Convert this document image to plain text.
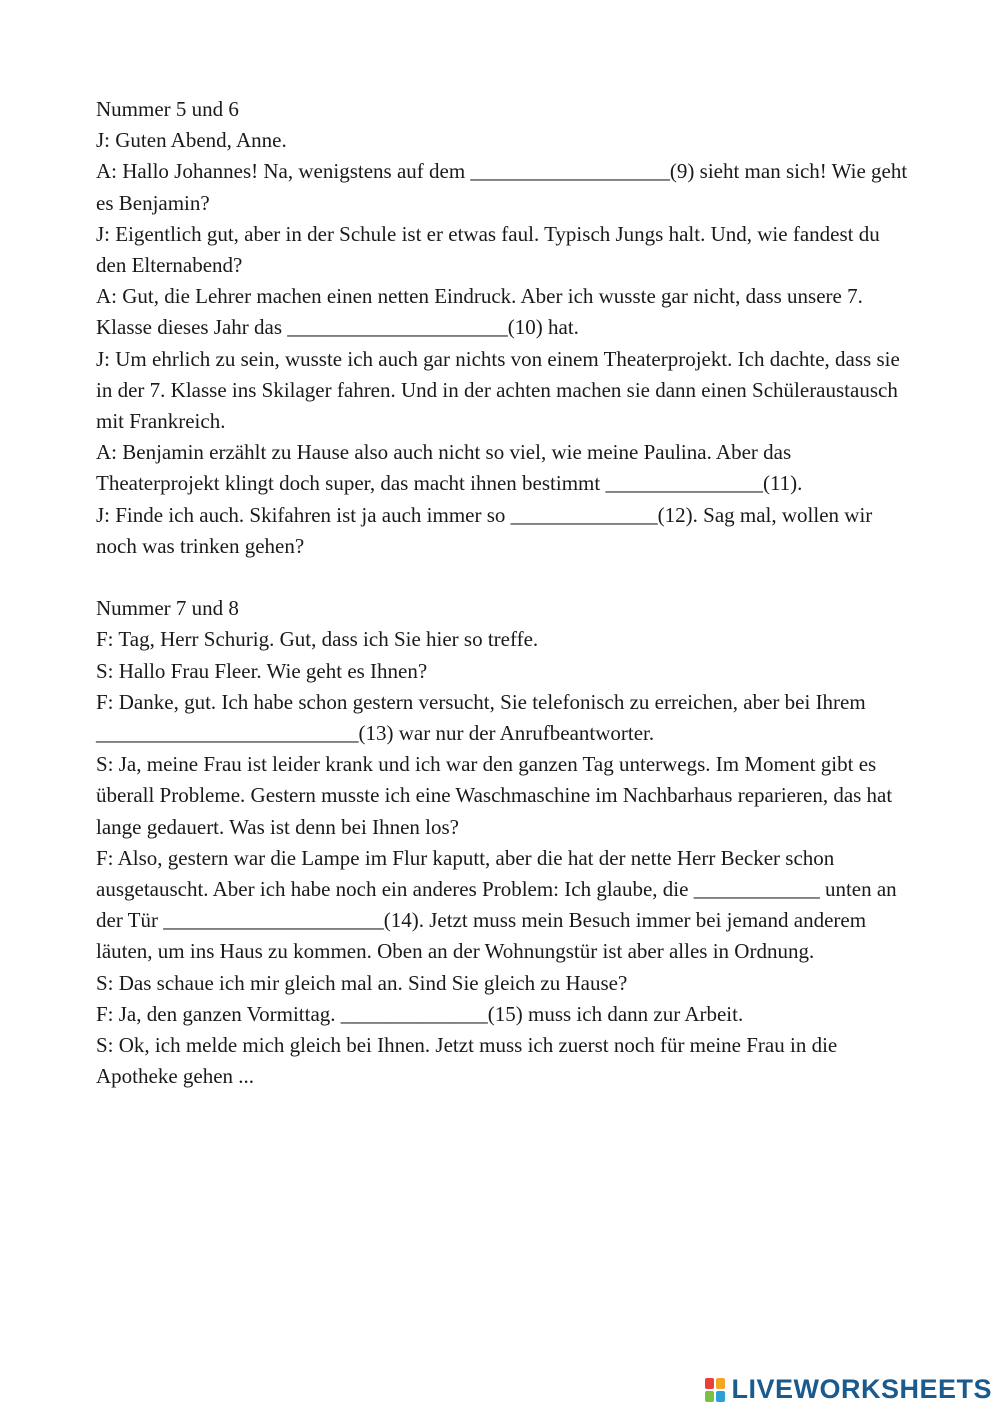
Nummer 5 und 6

J: Guten Abend, Anne.

A: Hallo Johannes! Na, wenigstens auf dem ___________________(9) sieht man sich! Wie geht es Benjamin?

J: Eigentlich gut, aber in der Schule ist er etwas faul. Typisch Jungs halt. Und, wie fandest du den Elternabend?

A: Gut, die Lehrer machen einen netten Eindruck. Aber ich wusste gar nicht, dass unsere 7. Klasse dieses Jahr das _____________________(10) hat.

J: Um ehrlich zu sein, wusste ich auch gar nichts von einem Theaterprojekt. Ich dachte, dass sie in der 7. Klasse ins Skilager fahren. Und in der achten machen sie dann einen Schüleraustausch mit Frankreich.

A: Benjamin erzählt zu Hause also auch nicht so viel, wie meine Paulina. Aber das Theaterprojekt klingt doch super, das macht ihnen bestimmt _______________(11).

J: Finde ich auch. Skifahren ist ja auch immer so ______________(12). Sag mal, wollen wir noch was trinken gehen?

Nummer 7 und 8

F: Tag, Herr Schurig. Gut, dass ich Sie hier so treffe.

S: Hallo Frau Fleer. Wie geht es Ihnen?

F: Danke, gut. Ich habe schon gestern versucht, Sie telefonisch zu erreichen, aber bei Ihrem _________________________(13) war nur der Anrufbeantworter.

S: Ja, meine Frau ist leider krank und ich war den ganzen Tag unterwegs. Im Moment gibt es überall Probleme. Gestern musste ich eine Waschmaschine im Nachbarhaus reparieren, das hat lange gedauert. Was ist denn bei Ihnen los?

F: Also, gestern war die Lampe im Flur kaputt, aber die hat der nette Herr Becker schon ausgetauscht. Aber ich habe noch ein anderes Problem: Ich glaube, die ____________ unten an der Tür _____________________(14). Jetzt muss mein Besuch immer bei jemand anderem läuten, um ins Haus zu kommen. Oben an der Wohnungstür ist aber alles in Ordnung.

S: Das schaue ich mir gleich mal an. Sind Sie gleich zu Hause?

F: Ja, den ganzen Vormittag. ______________(15) muss ich dann zur Arbeit.

S: Ok, ich melde mich gleich bei Ihnen. Jetzt muss ich zuerst noch für meine Frau in die Apotheke gehen ...

LIVEWORKSHEETS
